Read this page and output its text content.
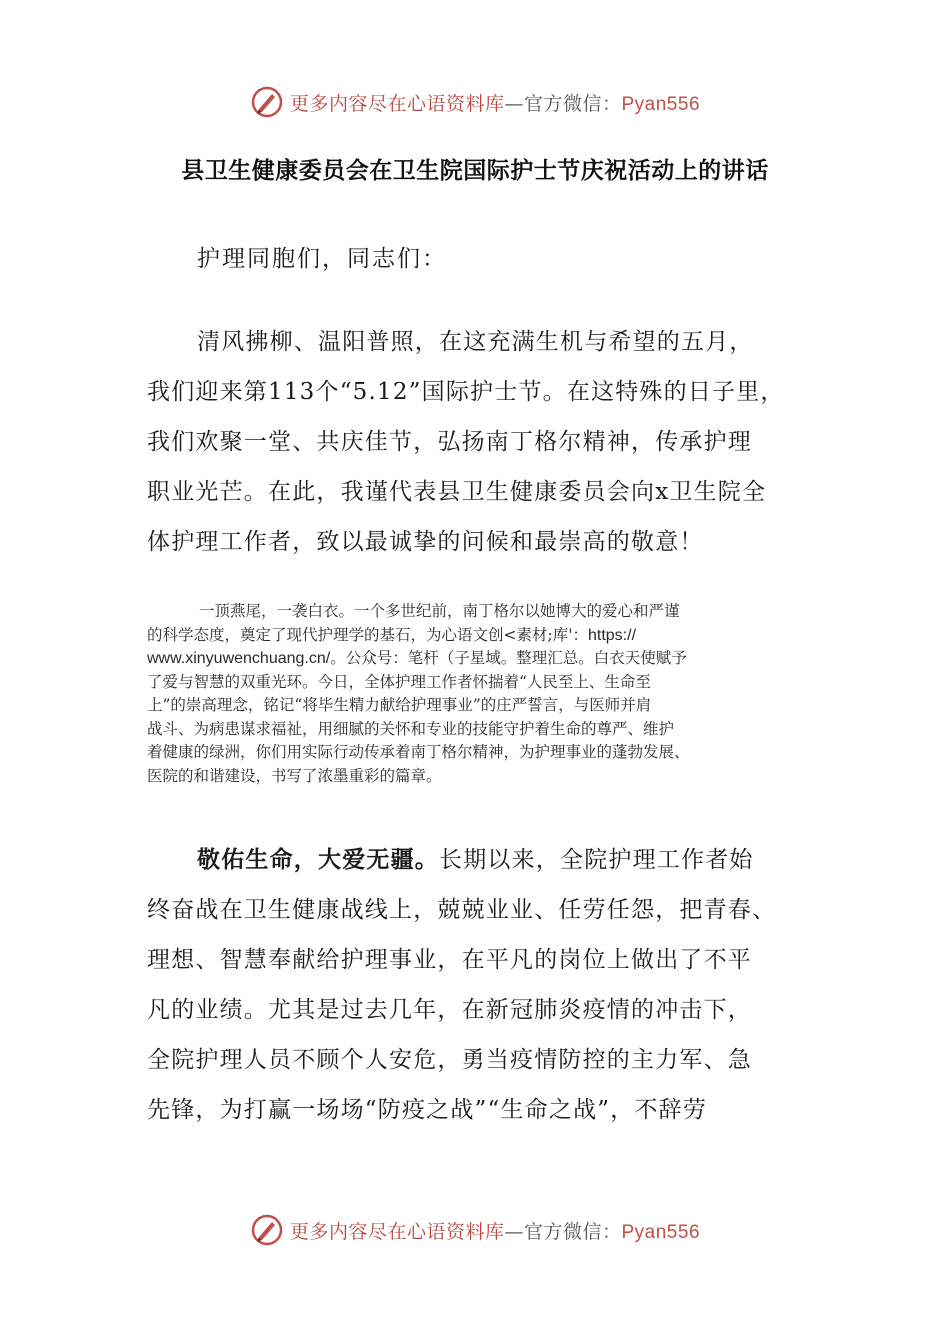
更多内容尽在心语资料库—官方微信：Pyan556
县卫生健康委员会在卫生院国际护士节庆祝活动上的讲话
护理同胞们，同志们：
清风拂柳、温阳普照，在这充满生机与希望的五月，
我们迎来第113个“5.12”国际护士节。在这特殊的日子里，
我们欢聚一堂、共庆佳节，弘扬南丁格尔精神，传承护理
职业光芒。在此，我谨代表县卫生健康委员会向x卫生院全
体护理工作者，致以最诚挚的问候和最崇高的敬意！
一顶燕尾，一袭白衣。一个多世纪前，南丁格尔以她博大的爱心和严谨
的科学态度，奠定了现代护理学的基石，为心语文创<素材;库'：https://
www.xinyuwenchuang.cn/。公众号：笔杆（子星域。整理汇总。白衣天使赋予
了爱与智慧的双重光环。今日，全体护理工作者怀揣着“人民至上、生命至
上”的崇高理念，铭记“将毕生精力献给护理事业”的庄严誓言，与医师并肩
战斗、为病患谋求福祉，用细腻的关怀和专业的技能守护着生命的尊严、维护
着健康的绿洲，你们用实际行动传承着南丁格尔精神，为护理事业的蓬勃发展、
医院的和谐建设，书写了浓墨重彩的篇章。
敬佑生命，大爱无疆。长期以来，全院护理工作者始
终奋战在卫生健康战线上，兢兢业业、任劳任怨，把青春、
理想、智慧奉献给护理事业，在平凡的岗位上做出了不平
凡的业绩。尤其是过去几年，在新冠肺炎疫情的冲击下，
全院护理人员不顾个人安危，勇当疫情防控的主力军、急
先锋，为打赢一场场“防疫之战”“生命之战”，不辞劳
更多内容尽在心语资料库—官方微信：Pyan556
